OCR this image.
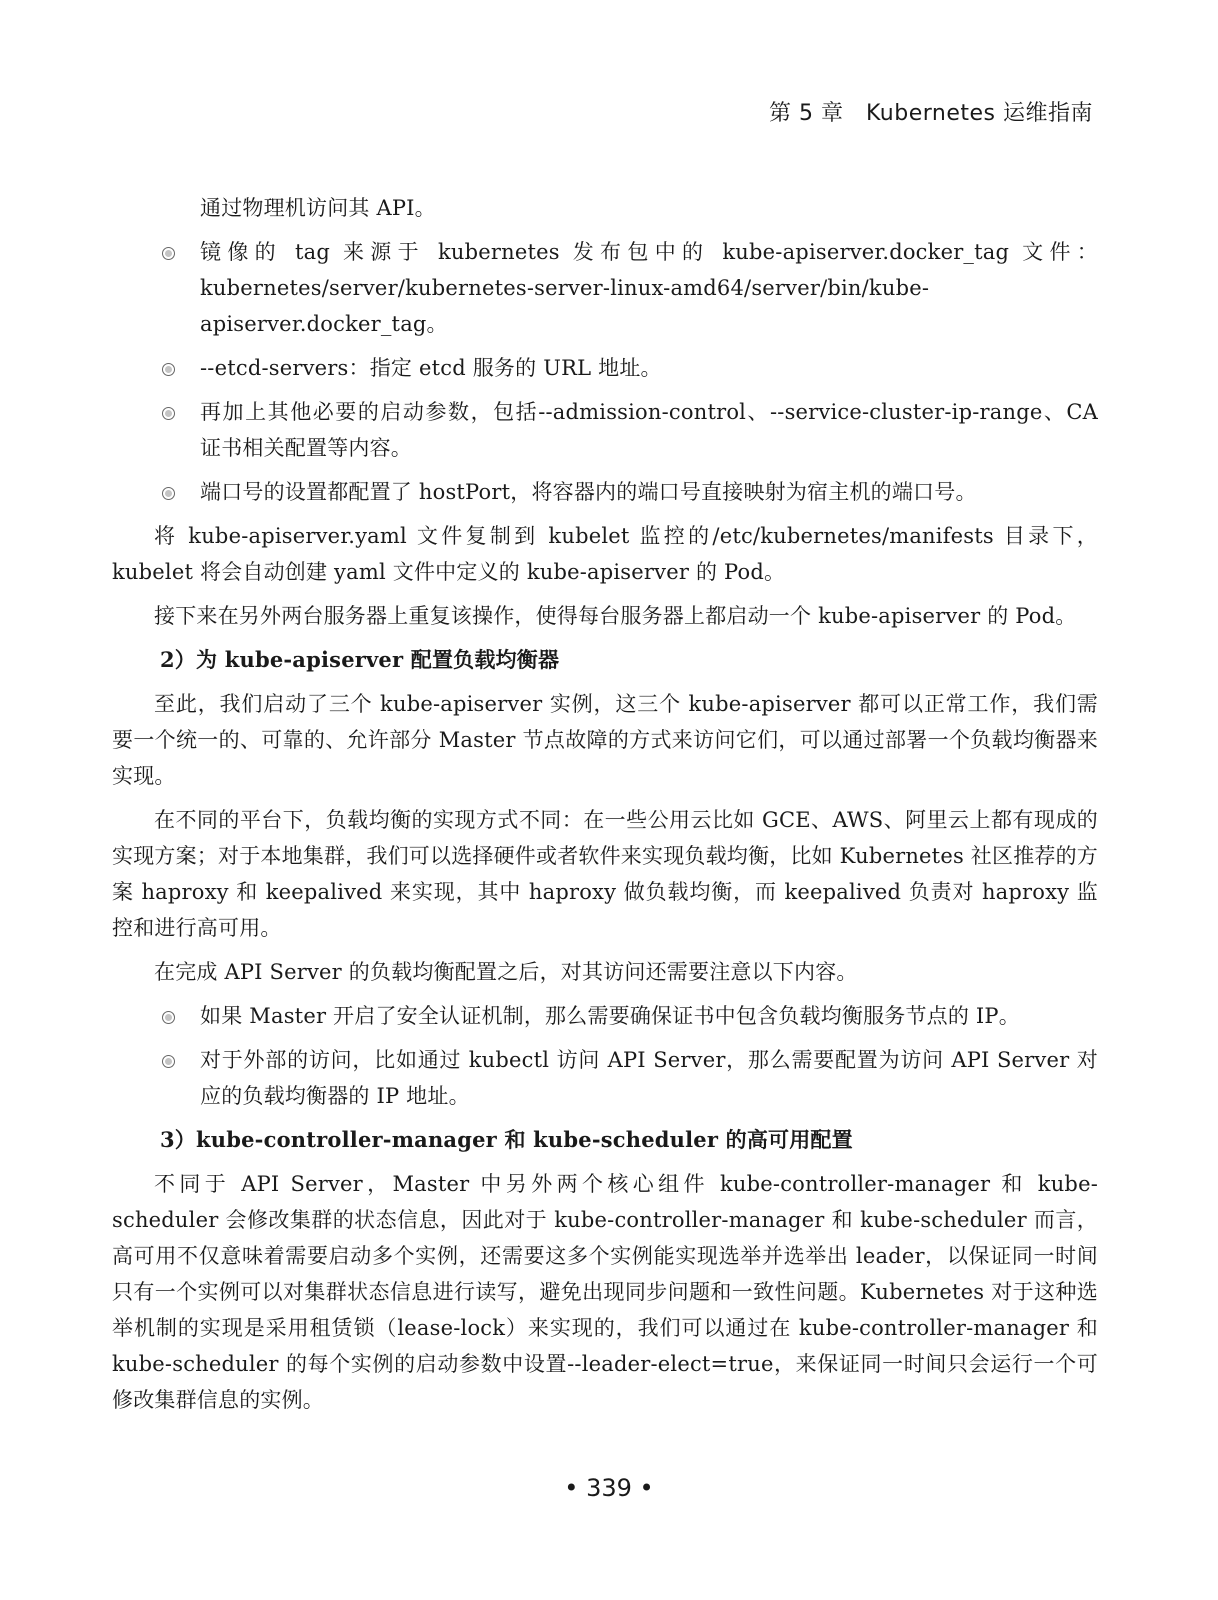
第 5 章　Kubernetes 运维指南

通过物理机访问其 API。

镜像的 tag 来源于 kubernetes 发布包中的 kube-apiserver.docker_tag 文件：kubernetes/server/kubernetes-server-linux-amd64/server/bin/kube-apiserver.docker_tag。
--etcd-servers：指定 etcd 服务的 URL 地址。
再加上其他必要的启动参数，包括--admission-control、--service-cluster-ip-range、CA 证书相关配置等内容。
端口号的设置都配置了 hostPort，将容器内的端口号直接映射为宿主机的端口号。

将 kube-apiserver.yaml 文件复制到 kubelet 监控的/etc/kubernetes/manifests 目录下，kubelet 将会自动创建 yaml 文件中定义的 kube-apiserver 的 Pod。

接下来在另外两台服务器上重复该操作，使得每台服务器上都启动一个 kube-apiserver 的 Pod。

2）为 kube-apiserver 配置负载均衡器

至此，我们启动了三个 kube-apiserver 实例，这三个 kube-apiserver 都可以正常工作，我们需要一个统一的、可靠的、允许部分 Master 节点故障的方式来访问它们，可以通过部署一个负载均衡器来实现。

在不同的平台下，负载均衡的实现方式不同：在一些公用云比如 GCE、AWS、阿里云上都有现成的实现方案；对于本地集群，我们可以选择硬件或者软件来实现负载均衡，比如 Kubernetes 社区推荐的方案 haproxy 和 keepalived 来实现，其中 haproxy 做负载均衡，而 keepalived 负责对 haproxy 监控和进行高可用。

在完成 API Server 的负载均衡配置之后，对其访问还需要注意以下内容。

如果 Master 开启了安全认证机制，那么需要确保证书中包含负载均衡服务节点的 IP。
对于外部的访问，比如通过 kubectl 访问 API Server，那么需要配置为访问 API Server 对应的负载均衡器的 IP 地址。

3）kube-controller-manager 和 kube-scheduler 的高可用配置

不同于 API Server，Master 中另外两个核心组件 kube-controller-manager 和 kube-scheduler 会修改集群的状态信息，因此对于 kube-controller-manager 和 kube-scheduler 而言，高可用不仅意味着需要启动多个实例，还需要这多个实例能实现选举并选举出 leader，以保证同一时间只有一个实例可以对集群状态信息进行读写，避免出现同步问题和一致性问题。Kubernetes 对于这种选举机制的实现是采用租赁锁（lease-lock）来实现的，我们可以通过在 kube-controller-manager 和 kube-scheduler 的每个实例的启动参数中设置--leader-elect=true，来保证同一时间只会运行一个可修改集群信息的实例。

• 339 •
